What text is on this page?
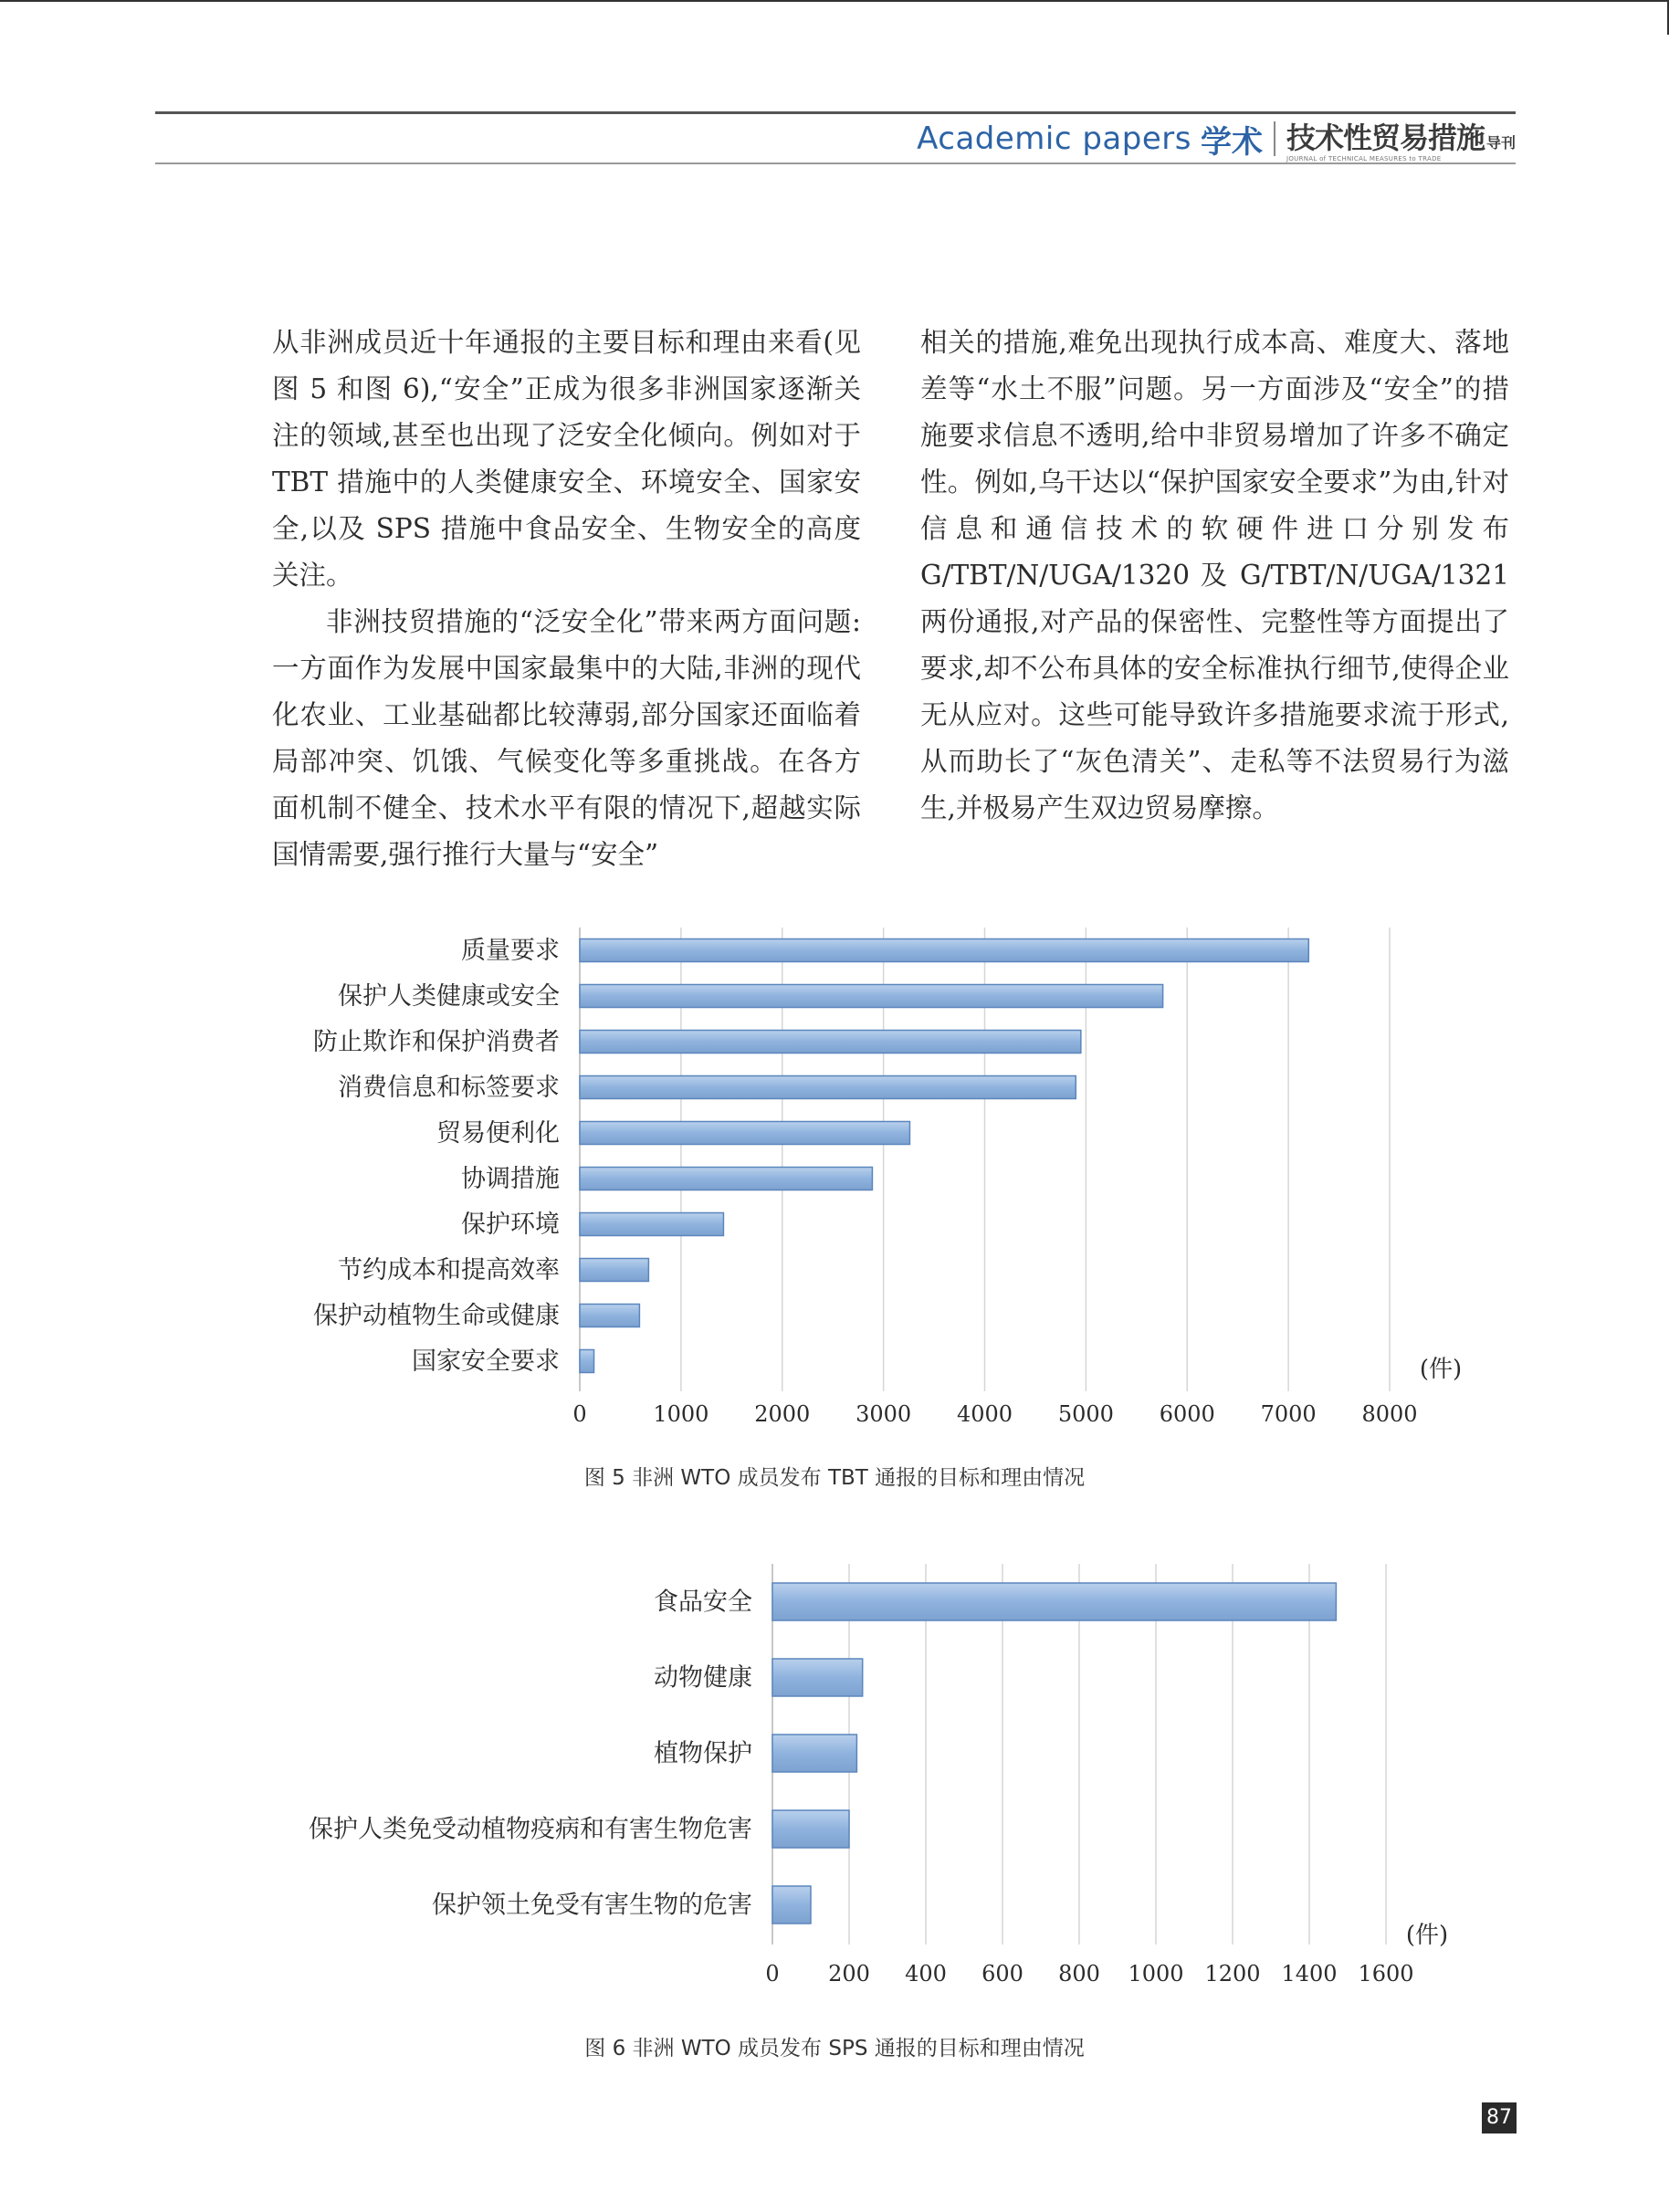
Academic papers 学术 技术性贸易措施 导刊
JOURNAL of TECHNICAL MEASURES to TRADE

从非洲成员近十年通报的主要目标和理由来看(见图 5 和图 6),“安全”正成为很多非洲国家逐渐关注的领域,甚至也出现了泛安全化倾向。例如对于 TBT 措施中的人类健康安全、环境安全、国家安全,以及 SPS 措施中食品安全、生物安全的高度关注。

非洲技贸措施的“泛安全化”带来两方面问题:一方面作为发展中国家最集中的大陆,非洲的现代化农业、工业基础都比较薄弱,部分国家还面临着局部冲突、饥饿、气候变化等多重挑战。在各方面机制不健全、技术水平有限的情况下,超越实际国情需要,强行推行大量与“安全”

相关的措施,难免出现执行成本高、难度大、落地差等“水土不服”问题。另一方面涉及“安全”的措施要求信息不透明,给中非贸易增加了许多不确定性。例如,乌干达以“保护国家安全要求”为由,针对信息和通信技术的软硬件进口分别发布 G/TBT/N/UGA/1320 及 G/TBT/N/UGA/1321 两份通报,对产品的保密性、完整性等方面提出了要求,却不公布具体的安全标准执行细节,使得企业无从应对。这些可能导致许多措施要求流于形式,从而助长了“灰色清关”、走私等不法贸易行为滋生,并极易产生双边贸易摩擦。

质量要求
保护人类健康或安全
防止欺诈和保护消费者
消费信息和标签要求
贸易便利化
协调措施
保护环境
节约成本和提高效率
保护动植物生命或健康
国家安全要求
0	1000 2000 3000 4000 5000 6000 7000 8000
(件)
图 5 非洲 WTO 成员发布 TBT 通报的目标和理由情况
食品安全
动物健康
植物保护
保护人类免受动植物疫病和有害生物危害
保护领土免受有害生物的危害
0 200 400 600 800 1000 1200 1400 1600
(件)
图 6 非洲 WTO 成员发布 SPS 通报的目标和理由情况
87
